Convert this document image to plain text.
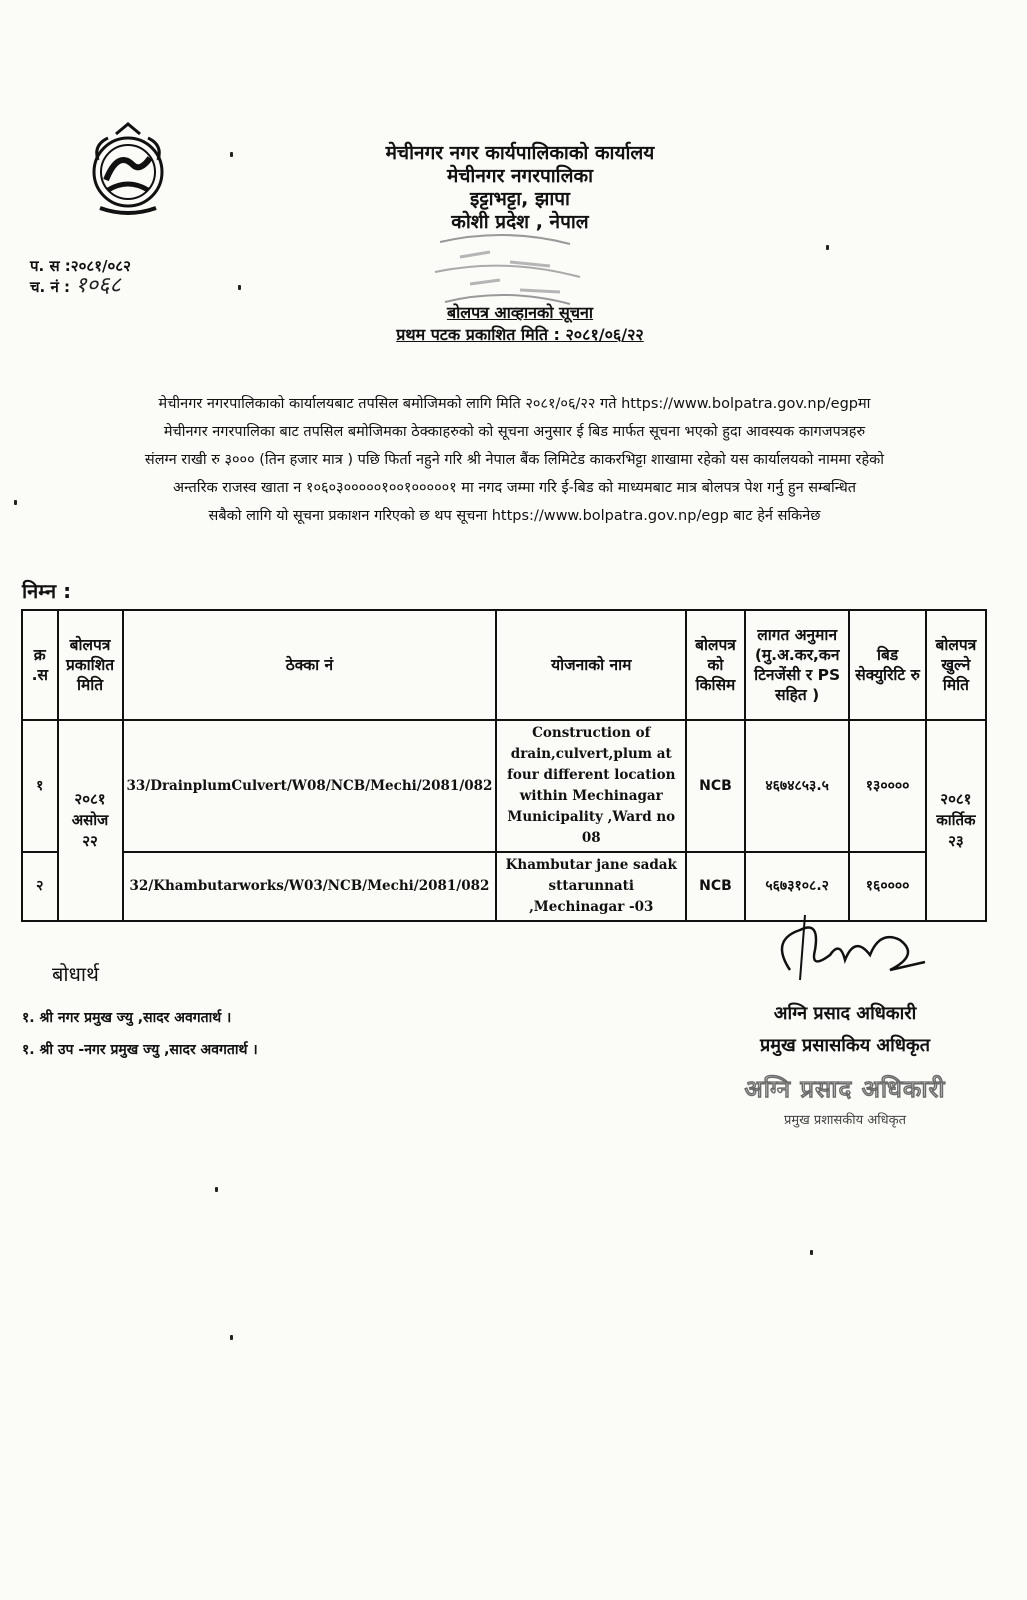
मेचीनगर नगर कार्यपालिकाको कार्यालय
मेचीनगर नगरपालिका
इट्टाभट्टा, झापा
कोशी प्रदेश , नेपाल
प. स :२०८१/०८२
च. नं : १०६८
बोलपत्र आव्हानको सूचना
प्रथम पटक प्रकाशित मिति : २०८१/०६/२२
मेचीनगर नगरपालिकाको कार्यालयबाट तपसिल बमोजिमको लागि मिति २०८१/०६/२२ गते https://www.bolpatra.gov.np/egpमा
मेचीनगर नगरपालिका बाट तपसिल बमोजिमका ठेक्काहरुको को सूचना अनुसार ई बिड मार्फत सूचना भएको हुदा आवस्यक कागजपत्रहरु
संलग्न राखी रु ३००० (तिन हजार मात्र ) पछि फिर्ता नहुने गरि श्री नेपाल बैंक लिमिटेड काकरभिट्टा शाखामा रहेको यस कार्यालयको नाममा रहेको
अन्तरिक राजस्व खाता न १०६०३०००००१००१०००००१ मा नगद जम्मा गरि ई-बिड को माध्यमबाट मात्र बोलपत्र पेश गर्नु हुन सम्बन्धित
सबैको लागि यो सूचना प्रकाशन गरिएको छ थप सूचना https://www.bolpatra.gov.np/egp बाट हेर्न सकिनेछ
निम्न :
क्र .स	बोलपत्र प्रकाशित मिति	ठेक्का नं	योजनाको नाम	बोलपत्र को किसिम	लागत अनुमान (मु.अ.कर,कन टिनजेंसी र PS सहित )	बिड सेक्युरिटि रु	बोलपत्र खुल्ने मिति
१	२०८१ असोज २२	33/DrainplumCulvert/W08/NCB/Mechi/2081/082	Construction of drain,culvert,plum at four different location within Mechinagar Municipality ,Ward no 08	NCB	४६७४८५३.५	१३००००	२०८१ कार्तिक २३
२		32/Khambutarworks/W03/NCB/Mechi/2081/082	Khambutar jane sadak sttarunnati ,Mechinagar -03	NCB	५६७३१०८.२	१६००००	
बोधार्थ
१. श्री नगर प्रमुख ज्यु ,सादर अवगतार्थ ।
१. श्री उप -नगर प्रमुख ज्यु ,सादर अवगतार्थ ।
अग्नि प्रसाद अधिकारी
प्रमुख प्रसासकिय अधिकृत
अग्नि प्रसाद अधिकारी
प्रमुख प्रशासकीय अधिकृत
